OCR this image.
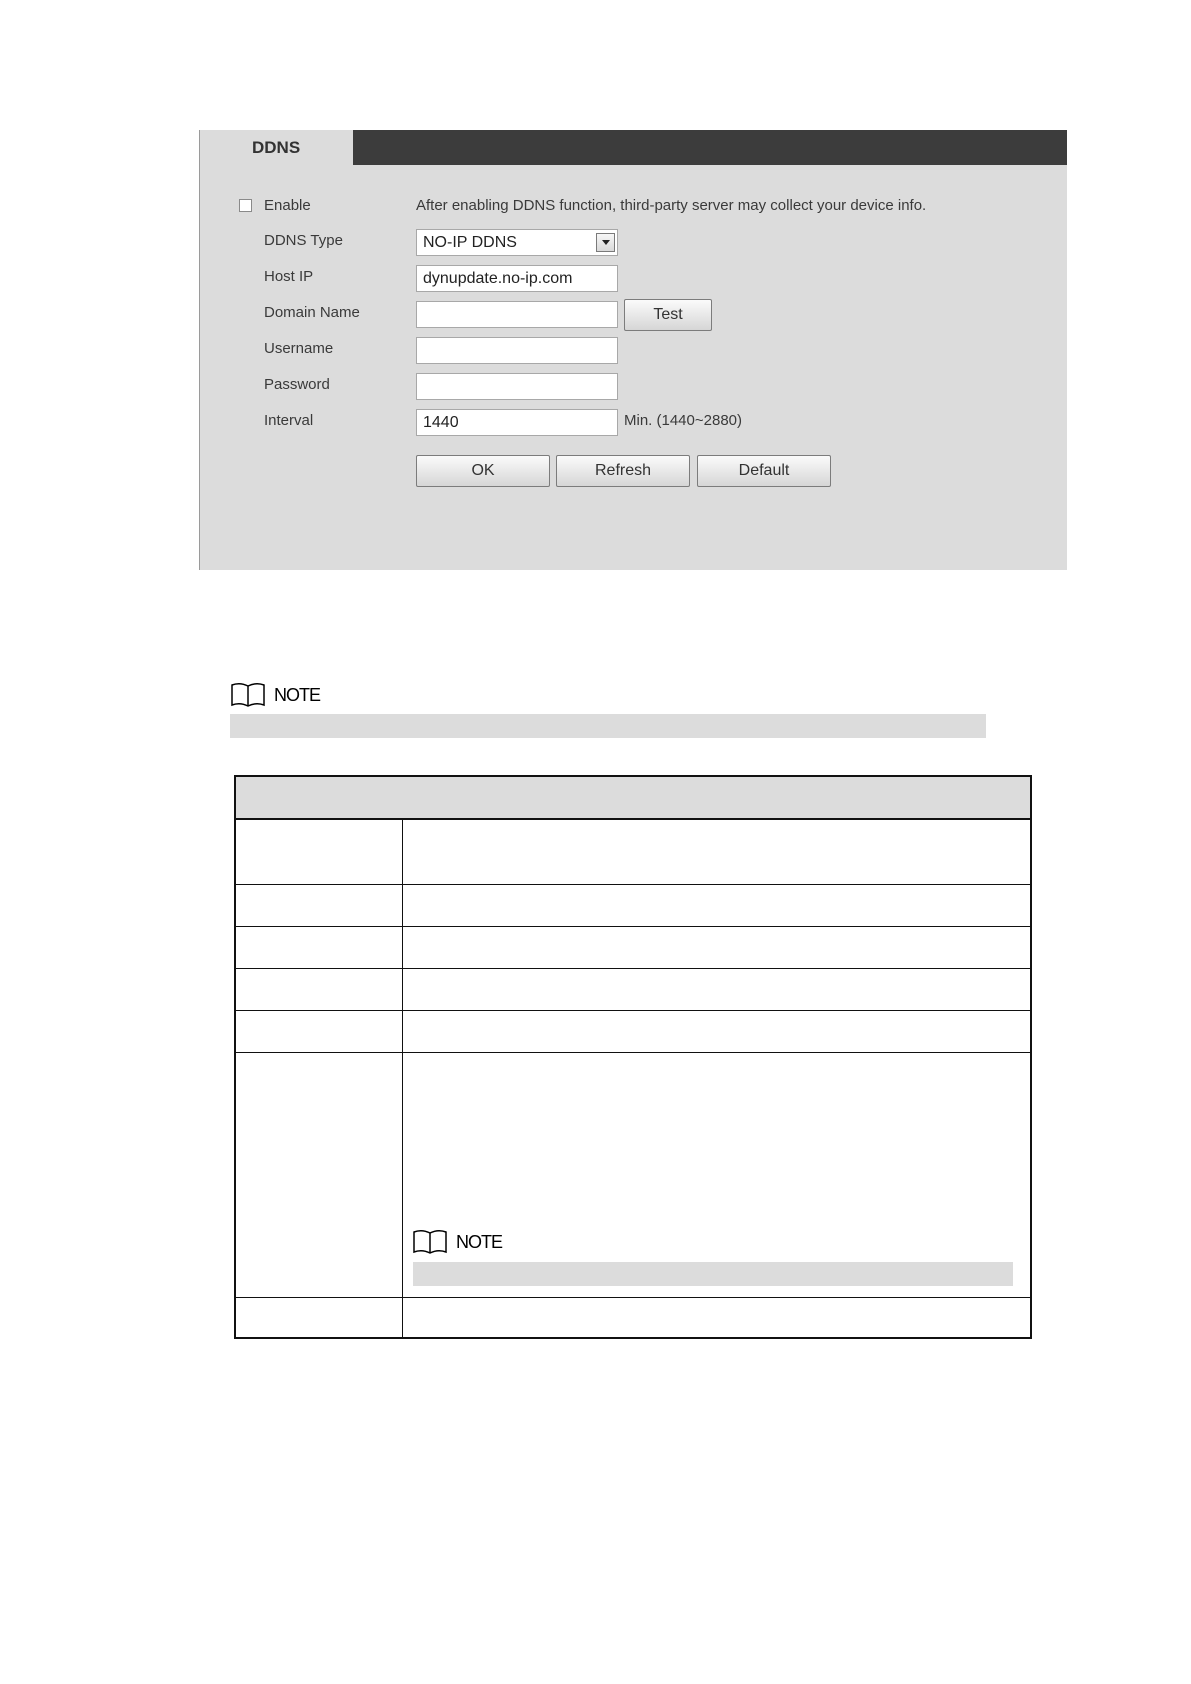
DDNS
Enable	After enabling DDNS function, third-party server may collect your device info.
DDNS Type	NO-IP DDNS
Host IP	dynupdate.no-ip.com
Domain Name	Test
Username
Password
Interval	1440	Min. (1440~2880)
OK	Refresh	Default
NOTE
NOTE
